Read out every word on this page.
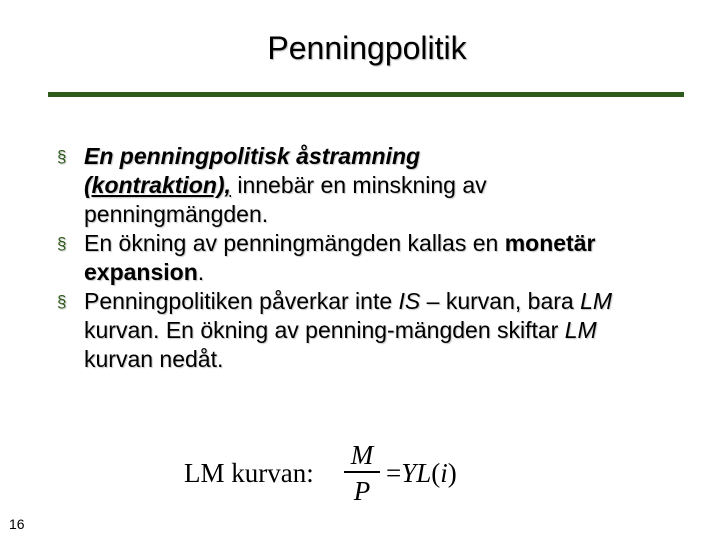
Penningpolitik
§ En penningpolitisk åstramning
(kontraktion), innebär en minskning av penningmängden.
§ En ökning av penningmängden kallas en monetär expansion.
§ Penningpolitiken påverkar inte IS – kurvan, bara LM kurvan. En ökning av penning-mängden skiftar LM kurvan nedåt.
LM kurvan:
M
P
=YL(i)
16
